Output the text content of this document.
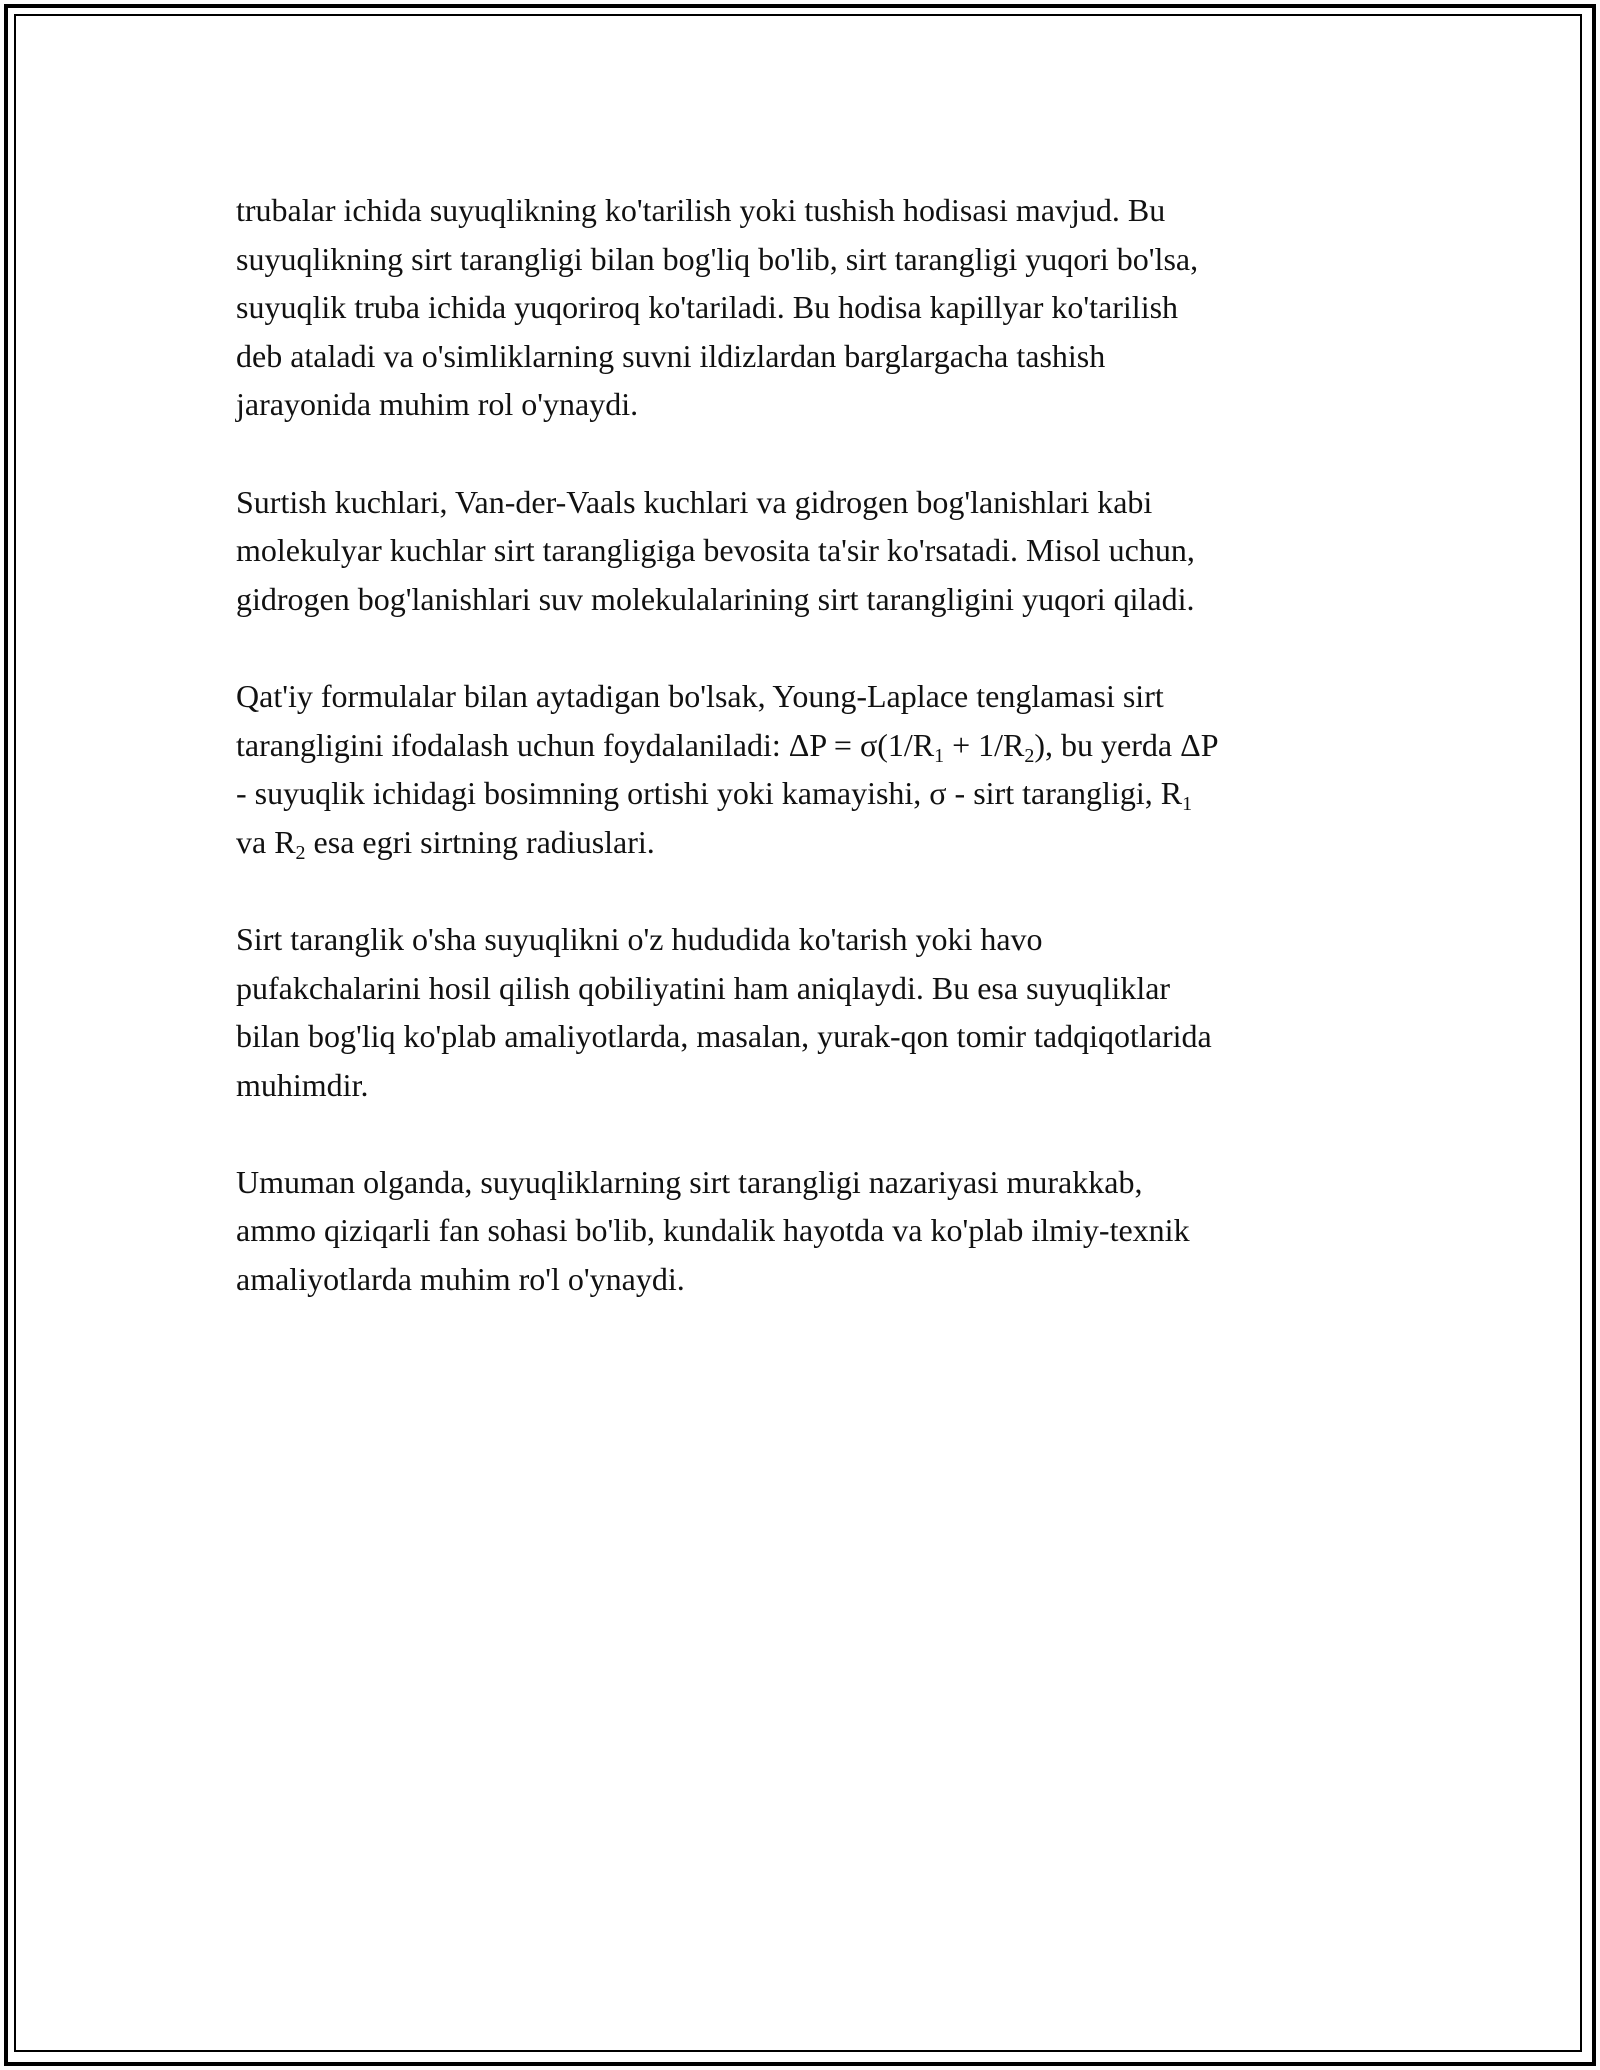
trubalar ichida suyuqlikning ko'tarilish yoki tushish hodisasi mavjud. Bu
suyuqlikning sirt tarangligi bilan bog'liq bo'lib, sirt tarangligi yuqori bo'lsa,
suyuqlik truba ichida yuqoriroq ko'tariladi. Bu hodisa kapillyar ko'tarilish
deb ataladi va o'simliklarning suvni ildizlardan barglargacha tashish
jarayonida muhim rol o'ynaydi.

Surtish kuchlari, Van-der-Vaals kuchlari va gidrogen bog'lanishlari kabi
molekulyar kuchlar sirt tarangligiga bevosita ta'sir ko'rsatadi. Misol uchun,
gidrogen bog'lanishlari suv molekulalarining sirt tarangligini yuqori qiladi.

Qat'iy formulalar bilan aytadigan bo'lsak, Young-Laplace tenglamasi sirt
tarangligini ifodalash uchun foydalaniladi: $\Delta P = \sigma(1/R_1 + 1/R_2)$, bu yerda ΔP
- suyuqlik ichidagi bosimning ortishi yoki kamayishi, σ - sirt tarangligi, $R_1$
va $R_2$ esa egri sirtning radiuslari.

Sirt taranglik o'sha suyuqlikni o'z hududida ko'tarish yoki havo
pufakchalarini hosil qilish qobiliyatini ham aniqlaydi. Bu esa suyuqliklar
bilan bog'liq ko'plab amaliyotlarda, masalan, yurak-qon tomir tadqiqotlarida
muhimdir.

Umuman olganda, suyuqliklarning sirt tarangligi nazariyasi murakkab,
ammo qiziqarli fan sohasi bo'lib, kundalik hayotda va ko'plab ilmiy-texnik
amaliyotlarda muhim ro'l o'ynaydi.
